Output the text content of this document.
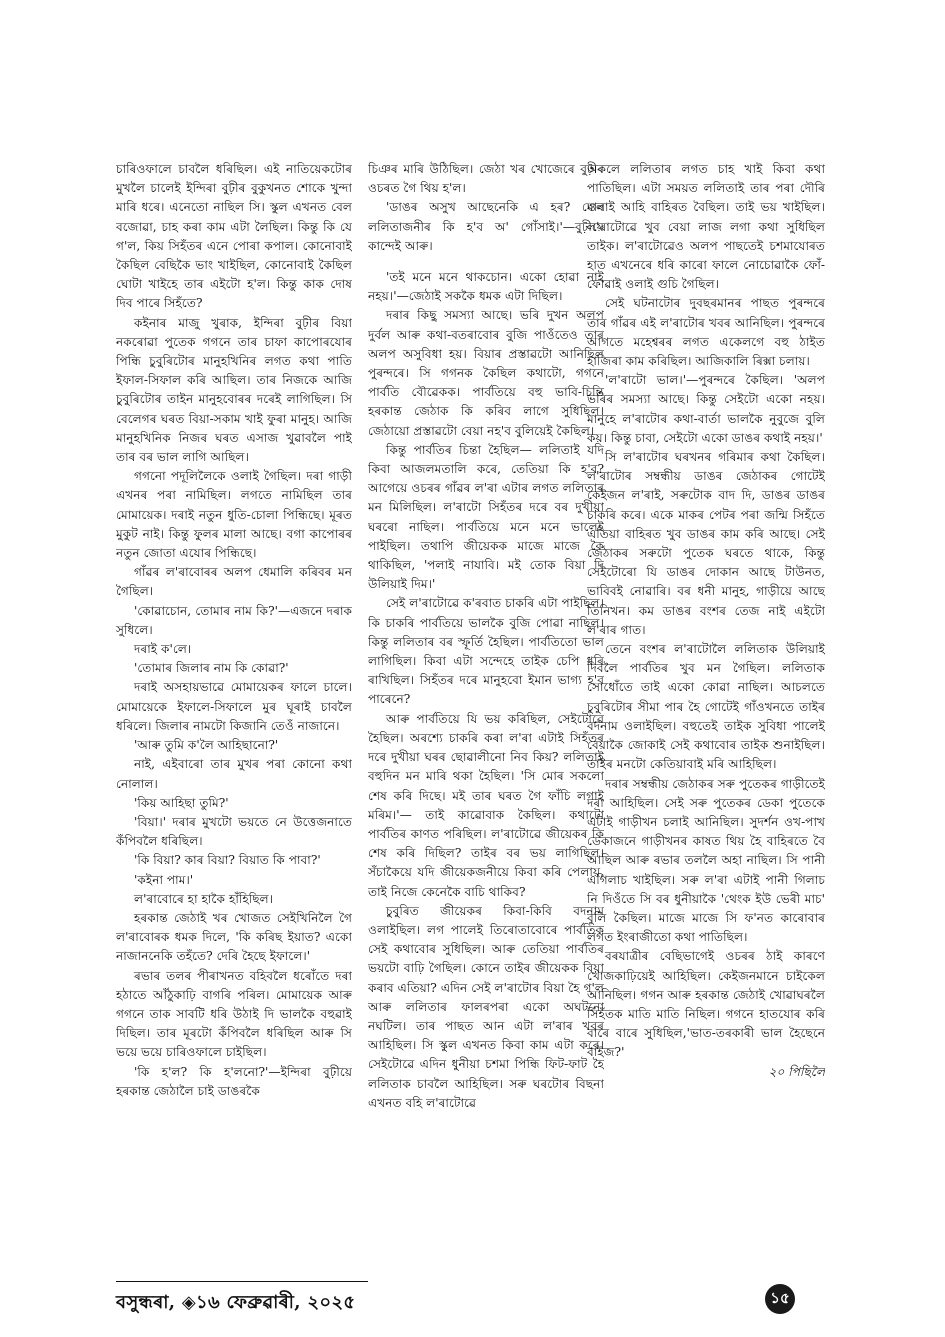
চাৰিওফালে চাবলৈ ধৰিছিল। এই নাতিয়েকটোৰ মুখলৈ চালেই ইন্দিৰা বুঢ়ীৰ বুকুখনত শোকে খুন্দা মাৰি ধৰে। এনেতো নাছিল সি। স্কুল এখনত বেল বজোৱা, চাহ কৰা কাম এটা লৈছিল। কিন্তু কি যে গ'ল, কিয় সিহঁতৰ এনে পোৰা কপাল। কোনোবাই কৈছিল বেছিকৈ ভাং খাইছিল, কোনোবাই কৈছিল ঘোটা খাইহে তাৰ এইটো হ'ল। কিন্তু কাক দোষ দিব পাৰে সিহঁতে?

কইনাৰ মাজু খুৰাক, ইন্দিৰা বুঢ়ীৰ বিয়া নকৰোৱা পুতেক গগনে তাৰ চাফা কাপোৰযোৰ পিন্ধি চুবুৰিটোৰ মানুহখিনিৰ লগত কথা পাতি ইফাল-সিফাল কৰি আছিল। তাৰ নিজকে আজি চুবুৰিটোৰ তাইন মানুহবোৰৰ দৰেই লাগিছিল। সি বেলেগৰ ঘৰত বিয়া-সকাম খাই ফুৰা মানুহ। আজি মানুহখিনিক নিজৰ ঘৰত এসাজ খুৱাবলৈ পাই তাৰ বৰ ভাল লাগি আছিল।

গগনো পদূলিলৈকে ওলাই গৈছিল। দৰা গাড়ী এখনৰ পৰা নামিছিল। লগতে নামিছিল তাৰ মোমায়েক। দৰাই নতুন ধুতি-চোলা পিন্ধিছে। মূৰত মুকুট নাই। কিন্তু ফুলৰ মালা আছে। বগা কাপোৰৰ নতুন জোতা এযোৰ পিন্ধিছে।

গাঁৱৰ ল'ৰাবোৰৰ অলপ ধেমালি কৰিবৰ মন গৈছিল।

'কোৱাচোন, তোমাৰ নাম কি?'—এজনে দৰাক সুধিলে।

দৰাই ক'লে।

'তোমাৰ জিলাৰ নাম কি কোৱা?'

দৰাই অসহায়ভাৱে মোমায়েকৰ ফালে চালে। মোমায়েকে ইফালে-সিফালে মুৰ ঘূৰাই চাবলৈ ধৰিলে। জিলাৰ নামটো কিজানি তেওঁ নাজানে।

'আৰু তুমি ক'লৈ আহিছানো?'

নাই, এইবাৰো তাৰ মুখৰ পৰা কোনো কথা নোলাল।

'কিয় আহিছা তুমি?'

'বিয়া।' দৰাৰ মুখটো ভয়তে নে উত্তেজনাতে কঁপিবলৈ ধৰিছিল।

'কি বিয়া? কাৰ বিয়া? বিয়াত কি পাবা?'

'কইনা পাম।'

ল'ৰাবোৰে হা হাকৈ হাঁহিছিল।

হৰকান্ত জেঠাই খৰ খোজত সেইখিনিলৈ গৈ ল'ৰাবোৰক ধমক দিলে, 'কি কৰিছ ইয়াত? একো নাজাননেকি তহঁতে? দেৰি হৈছে ইফালে।'

ৰভাৰ তলৰ পীৰাখনত বহিবলৈ ধৰোঁতে দৰা হঠাতে আঁঠুকাঢ়ি বাগৰি পৰিল। মোমায়েক আৰু গগনে তাক সাবটি ধৰি উঠাই দি ভালকৈ বহুৱাই দিছিল। তাৰ মূৰটো কঁপিবলৈ ধৰিছিল আৰু সি ভয়ে ভয়ে চাৰিওফালে চাইছিল।

'কি হ'ল? কি হ'লনো?'—ইন্দিৰা বুঢ়ীয়ে হৰকান্ত জেঠালৈ চাই ডাঙৰকৈ

চিঞৰ মাৰি উঠিছিল। জেঠা খৰ খোজেৰে বুঢ়ীৰ ওচৰত গৈ থিয় হ'ল।

'ডাঙৰ অসুখ আছেনেকি এ হৰ? মোৰ ললিতাজনীৰ কি হ'ব অ' গোঁসাই।'—বুঢ়ীয়ে কান্দেই আৰু।

'তই মনে মনে থাকচোন। একো হোৱা নাই নহয়।'—জেঠাই সককৈ ধমক এটা দিছিল।

দৰাৰ কিছু সমস্যা আছে। ভৰি দুখন অলপ দুৰ্বল আৰু কথা-বতৰাবোৰ বুজি পাওঁতেও তাৰ অলপ অসুবিধা হয়। বিয়াৰ প্ৰস্তাৱটো আনিছিল পুৰন্দৰে। সি গগনক কৈছিল কথাটো, গগনে পাৰ্বতি বৌৱেকক। পাৰ্বতিয়ে বহু ভাবি-চিন্তি হৰকান্ত জেঠাক কি কৰিব লাগে সুধিছিল। জেঠায়ো প্ৰস্তাৱটো বেয়া নহ'ব বুলিয়েই কৈছিল।

কিন্তু পাৰ্বতিৰ চিন্তা হৈছিল— ললিতাই যদি কিবা আজলমতালি কৰে, তেতিয়া কি হ'ব? আগেয়ে ওচৰৰ গাঁৱৰ ল'ৰা এটাৰ লগত ললিতাৰ মন মিলিছিল। ল'ৰাটো সিহঁতৰ দৰে বৰ দুখীয়া ঘৰৰো নাছিল। পাৰ্বতিয়ে মনে মনে ভালেই পাইছিল। তথাপি জীয়েকক মাজে মাজে কৈ থাকিছিল, 'পলাই নাযাবি। মই তোক বিয়া দি উলিয়াই দিম।'

সেই ল'ৰাটোৱে ক'ৰবাত চাকৰি এটা পাইছিল। কি চাকৰি পাৰ্বতিয়ে ভালকৈ বুজি পোৱা নাছিল। কিন্তু ললিতাৰ বৰ স্ফূৰ্তি হৈছিল। পাৰ্বতিতো ভাল লাগিছিল। কিবা এটা সন্দেহে তাইক চেপি ধৰি ৰাখিছিল। সিহঁতৰ দৰে মানুহবো ইমান ভাগ্য হ'ব পাৰেনে?

আৰু পাৰ্বতিয়ে যি ভয় কৰিছিল, সেইটোৱে হৈছিল। অৰশ্যে চাকৰি কৰা ল'ৰা এটাই সিহঁতৰ দৰে দুখীয়া ঘৰৰ ছোৱালীনো নিব কিয়? ললিতাই বহুদিন মন মাৰি থকা হৈছিল। 'সি মোৰ সকলো শেষ কৰি দিছে। মই তাৰ ঘৰত গৈ ফাঁচি লগাই মৰিম।'— তাই কাৱোবাক কৈছিল। কথাটো পাৰ্বতিৰ কাণত পৰিছিল। ল'ৰাটোৱে জীয়েকৰ কি শেষ কৰি দিছিল? তাইৰ বৰ ভয় লাগিছিল। সঁচাকৈয়ে যদি জীয়েকজনীয়ে কিবা কৰি পেলায়, তাই নিজে কেনেকৈ বাচি থাকিব?

চুবুৰিত জীয়েকৰ কিবা-কিবি বদনাম ওলাইছিল। লগ পালেই তিৰোতাবোৰে পাৰ্বতিক সেই কথাবোৰ সুধিছিল। আৰু তেতিয়া পাৰ্বতিৰ ভয়টো বাঢ়ি গৈছিল। কোনে তাইৰ জীয়েকক বিয়া কৰাব এতিয়া? এদিন সেই ল'ৰাটোৰ বিয়া হৈ গ'ল আৰু ললিতাৰ ফালৰপৰা একো অঘটনো নঘটিল। তাৰ পাছত আন এটা ল'ৰাৰ খবৰ আহিছিল। সি স্কুল এখনত কিবা কাম এটা কৰে। সেইটোৱে এদিন ধুনীয়া চশমা পিন্ধি ফিট-ফাট হৈ ললিতাক চাবলৈ আহিছিল। সৰু ঘৰটোৰ বিছনা এখনত বহি ল'ৰাটোৱে

অকলে ললিতাৰ লগত চাহ খাই কিবা কথা পাতিছিল। এটা সময়ত ললিতাই তাৰ পৰা দৌৰি ওলাই আহি বাহিৰত বৈছিল। তাই ভয় খাইছিল। ল'ৰাটোৱে খুব বেয়া লাজ লগা কথা সুধিছিল তাইক। ল'ৰাটোৱেও অলপ পাছতেই চশমাযোৰত হাত এখনেৰে ধৰি কাৰো ফালে নোচোৱাকৈ ফোঁ-ফোৱাই ওলাই গুচি গৈছিল।

সেই ঘটনাটোৰ দুবছৰমানৰ পাছত পুৰন্দৰে তাৰ গাঁৱৰ এই ল'ৰাটোৰ খবৰ আনিছিল। পুৰন্দৰে আগতে মহেশ্বৰৰ লগত একেলগে বহু ঠাইত হাজিৰা কাম কৰিছিল। আজিকালি ৰিক্সা চলায়।

'ল'ৰাটো ভাল।'—পুৰন্দৰে কৈছিল। 'অলপ ভৰিৰ সমস্যা আছে। কিন্তু সেইটো একো নহয়। মানুহে ল'ৰাটোৰ কথা-বাৰ্তা ভালকৈ নুবুজে বুলি কয়। কিন্তু চাবা, সেইটো একো ডাঙৰ কথাই নহয়।'

সি ল'ৰাটোৰ ঘৰখনৰ গৰিমাৰ কথা কৈছিল। ল'ৰাটোৰ সম্বন্ধীয় ডাঙৰ জেঠাকৰ গোটেই কেইজন ল'ৰাই, সৰুটোক বাদ দি, ডাঙৰ ডাঙৰ চাকৰি কৰে। একে মাকৰ পেটৰ পৰা জন্মি সিহঁতে এতিয়া বাহিৰত খুব ডাঙৰ কাম কৰি আছে। সেই জেঠাকৰ সৰুটো পুতেক ঘৰতে থাকে, কিন্তু সেইটোৰো যি ডাঙৰ দোকান আছে টাউনত, ভাবিবই নোৱাৰি। বৰ ধনী মানুহ, গাড়ীয়ে আছে তিনিখন। কম ডাঙৰ বংশৰ তেজ নাই এইটো ল'ৰাৰ গাত।

তেনে বংশৰ ল'ৰাটোলৈ ললিতাক উলিয়াই দিবলৈ পাৰ্বতিৰ খুব মন গৈছিল। ললিতাক সোধোঁতে তাই একো কোৱা নাছিল। আচলতে চুবুৰিটোৰ সীমা পাৰ হৈ গোটেই গাঁওখনতে তাইৰ বদনাম ওলাইছিল। বহুতেই তাইক সুবিধা পালেই বেয়াকৈ জোকাই সেই কথাবোৰ তাইক শুনাইছিল। তাইৰ মনটো কেতিয়াবাই মৰি আহিছিল।

দৰাৰ সম্বন্ধীয় জেঠাকৰ সৰু পুতেকৰ গাড়ীতেই দৰা আহিছিল। সেই সৰু পুতেকৰ ডেকা পুতেকে এটাই গাড়ীখন চলাই আনিছিল। সুদৰ্শন ওখ-পাখ ডেকাজনে গাড়ীখনৰ কাষত থিয় হৈ বাহিৰতে বৈ আছিল আৰু ৰভাৰ তললৈ অহা নাছিল। সি পানী এগিলাচ খাইছিল। সৰু ল'ৰা এটাই পানী গিলাচ নি দিওঁতে সি বৰ ধুনীয়াকৈ 'থেংক ইউ ভেৰী মাচ' বুলি কৈছিল। মাজে মাজে সি ফ'নত কাৰোবাৰ লগত ইংৰাজীতো কথা পাতিছিল।

বৰযাত্ৰীৰ বেছিভাগেই ওচৰৰ ঠাই কাৰণে খোজকাঢ়িয়েই আহিছিল। কেইজনমানে চাইকেল আনিছিল। গগন আৰু হৰকান্ত জেঠাই খোৱাঘৰলৈ সিহঁতক মাতি মাতি নিছিল। গগনে হাতযোৰ কৰি বাৰে বাৰে সুধিছিল,'ভাত-তৰকাৰী ভাল হৈছেনে বাইজ?'

২০ পিছিলৈ

বসুন্ধৰা, ◈১৬ ফেব্ৰুৱাৰী, ২০২৫	১৫
